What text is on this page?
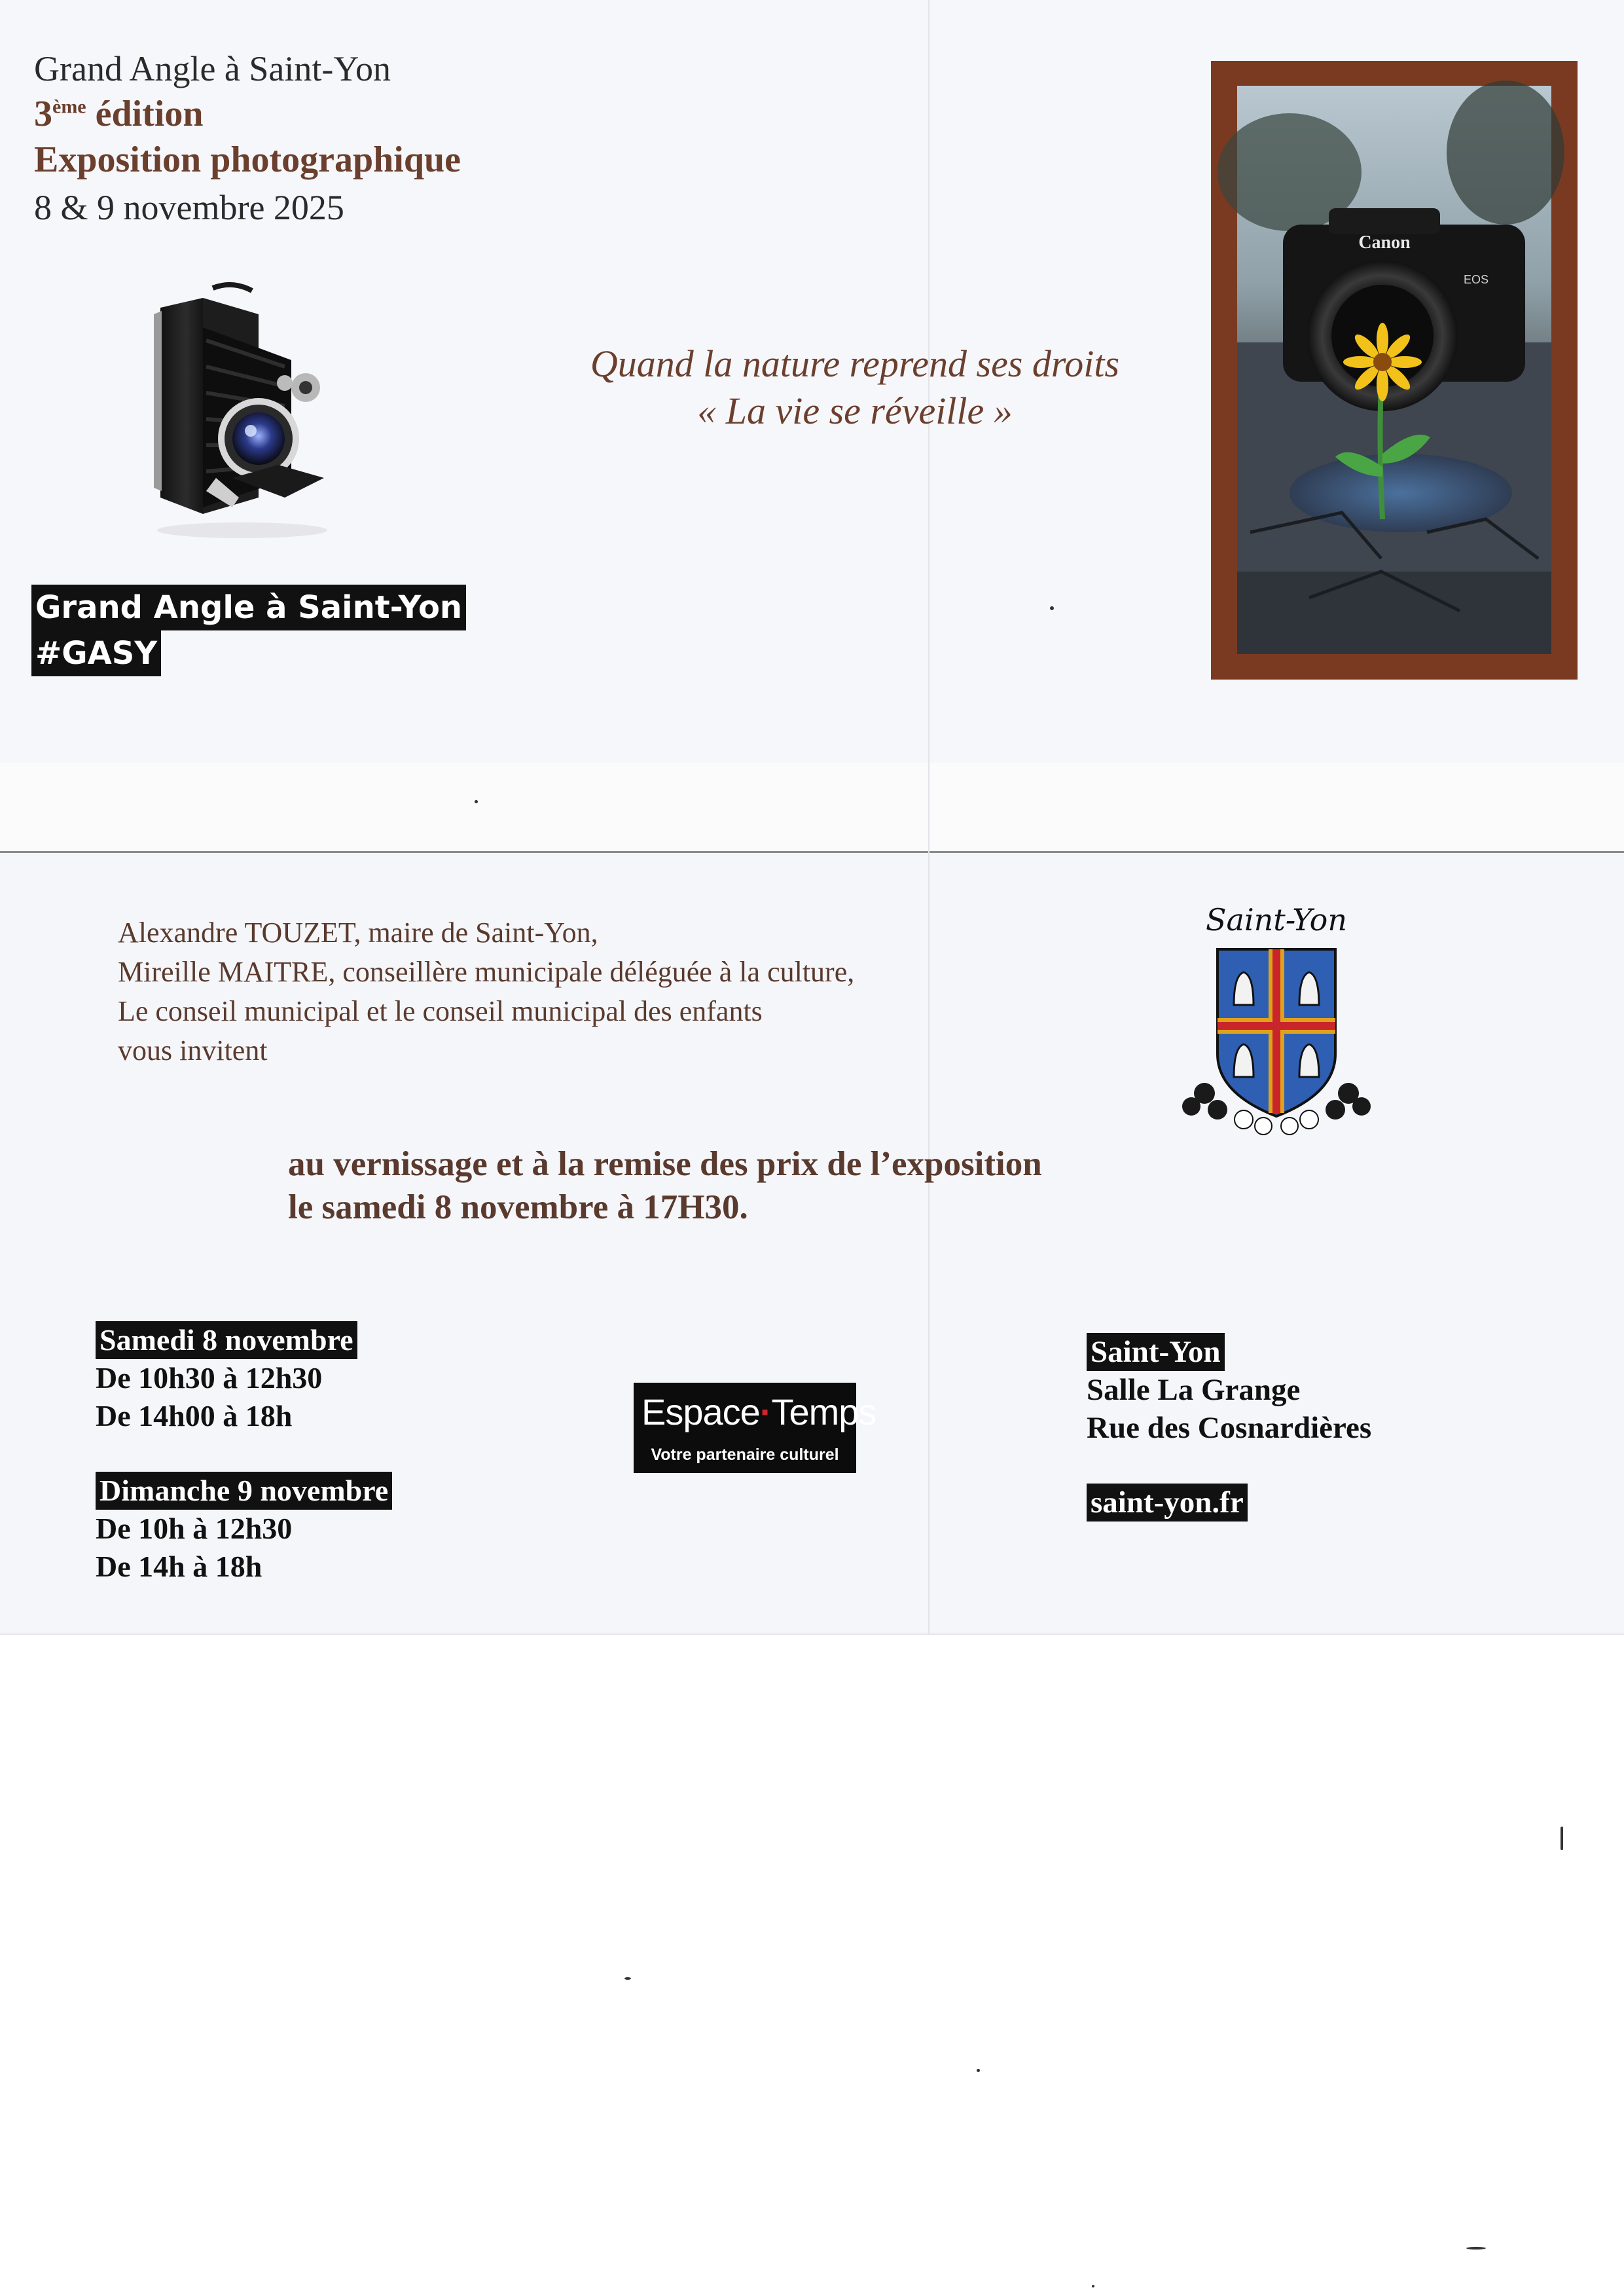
Grand Angle à Saint-Yon
3ème édition
Exposition photographique
8 & 9 novembre 2025
Grand Angle à Saint-Yon
#GASY
Quand la nature reprend ses droits
« La vie se réveille »
Canon
EOS
Alexandre TOUZET, maire de Saint-Yon,
Mireille MAITRE, conseillère municipale déléguée à la culture,
Le conseil municipal et le conseil municipal des enfants
vous invitent
Saint-Yon
au vernissage et à la remise des prix de l’exposition
le samedi 8 novembre à 17H30.
Samedi 8 novembre
De 10h30 à 12h30
De 14h00 à 18h
Dimanche 9 novembre
De 10h à 12h30
De 14h à 18h
Espace·Temps
Votre partenaire culturel
Saint-Yon
Salle La Grange
Rue des Cosnardières
saint-yon.fr
